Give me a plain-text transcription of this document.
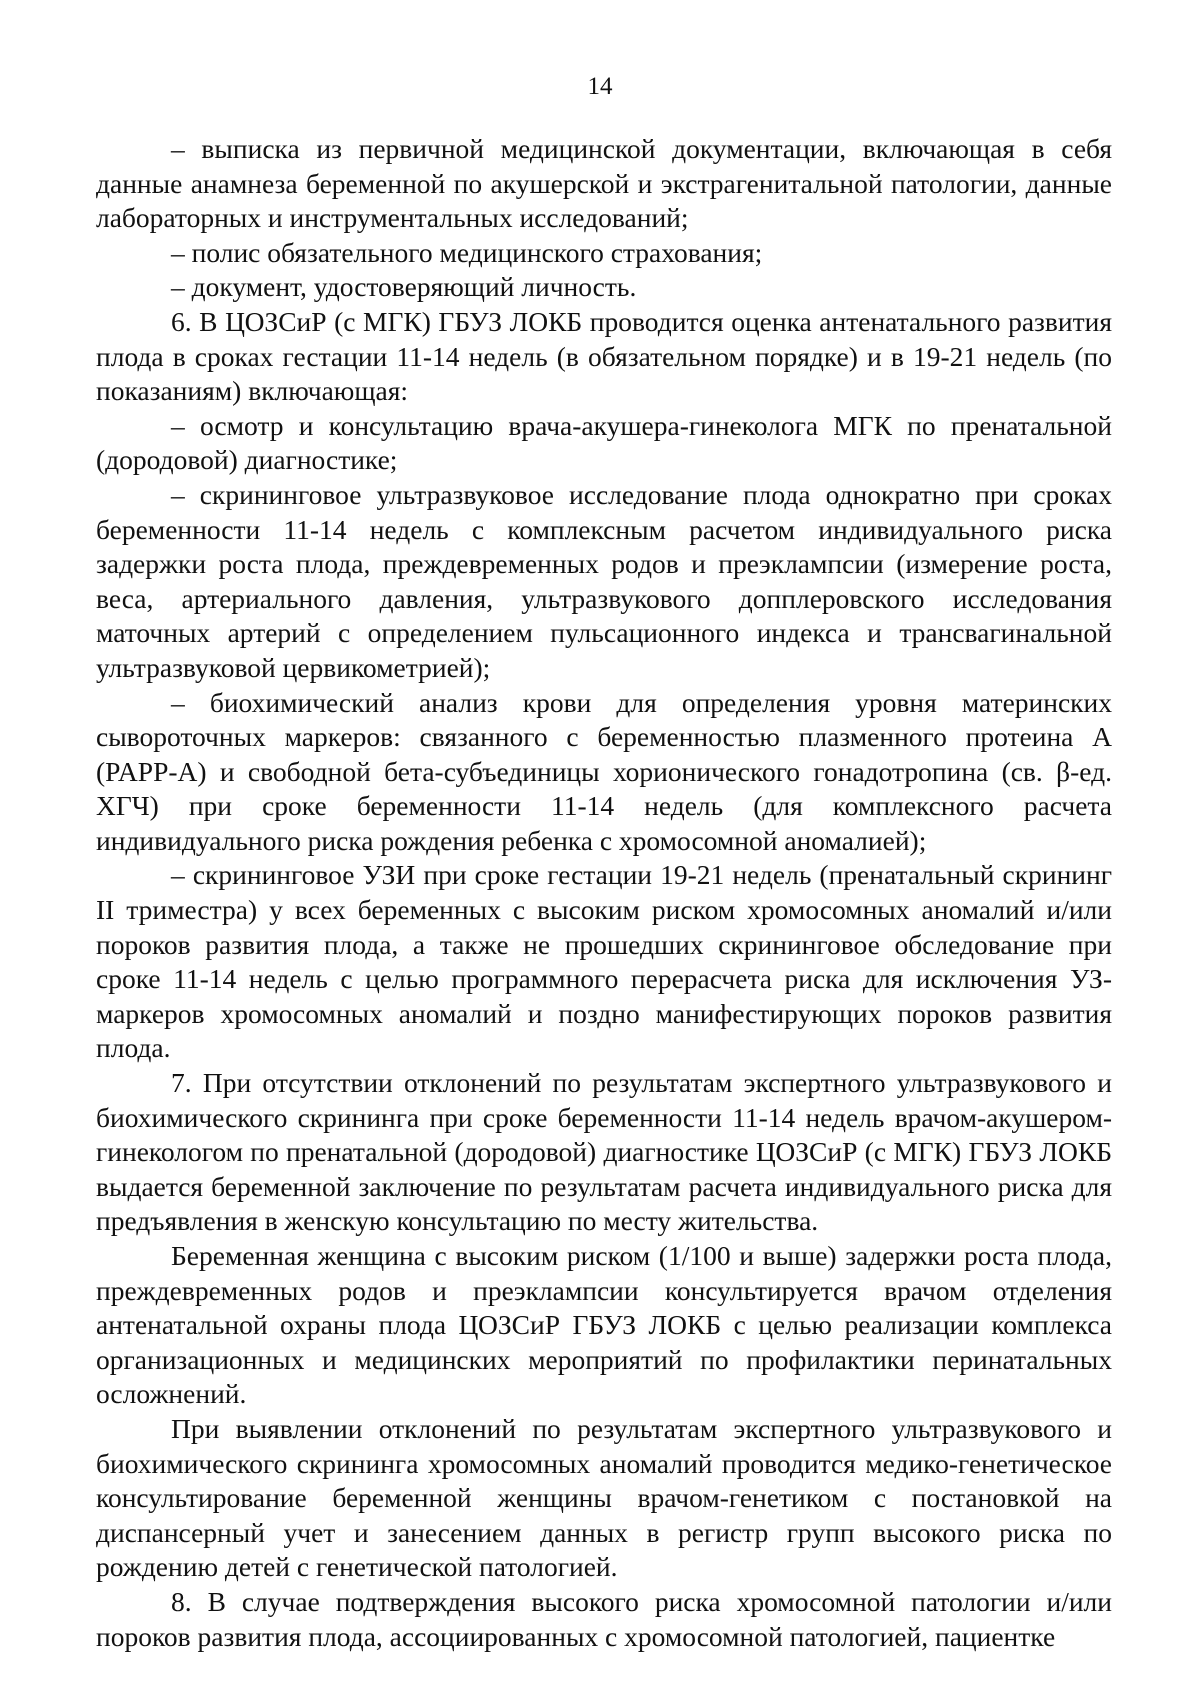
14

– выписка из первичной медицинской документации, включающая в себя данные анамнеза беременной по акушерской и экстрагенитальной патологии, данные лабораторных и инструментальных исследований;

– полис обязательного медицинского страхования;

– документ, удостоверяющий личность.

6. В ЦОЗСиР (с МГК) ГБУЗ ЛОКБ проводится оценка антенатального развития плода в сроках гестации 11-14 недель (в обязательном порядке) и в 19-21 недель (по показаниям) включающая:

– осмотр и консультацию врача-акушера-гинеколога МГК по пренатальной (дородовой) диагностике;

– скрининговое ультразвуковое исследование плода однократно при сроках беременности 11-14 недель с комплексным расчетом индивидуального риска задержки роста плода, преждевременных родов и преэклампсии (измерение роста, веса, артериального давления, ультразвукового допплеровского исследования маточных артерий с определением пульсационного индекса и трансвагинальной ультразвуковой цервикометрией);

– биохимический анализ крови для определения уровня материнских сывороточных маркеров: связанного с беременностью плазменного протеина А (PAPP-A) и свободной бета-субъединицы хорионического гонадотропина (св. β-ед. ХГЧ) при сроке беременности 11-14 недель (для комплексного расчета индивидуального риска рождения ребенка с хромосомной аномалией);

– скрининговое УЗИ при сроке гестации 19-21 недель (пренатальный скрининг II триместра) у всех беременных с высоким риском хромосомных аномалий и/или пороков развития плода, а также не прошедших скрининговое обследование при сроке 11-14 недель с целью программного перерасчета риска для исключения УЗ-маркеров хромосомных аномалий и поздно манифестирующих пороков развития плода.

7. При отсутствии отклонений по результатам экспертного ультразвукового и биохимического скрининга при сроке беременности 11-14 недель врачом-акушером-гинекологом по пренатальной (дородовой) диагностике ЦОЗСиР (с МГК) ГБУЗ ЛОКБ выдается беременной заключение по результатам расчета индивидуального риска для предъявления в женскую консультацию по месту жительства.

Беременная женщина с высоким риском (1/100 и выше) задержки роста плода, преждевременных родов и преэклампсии консультируется врачом отделения антенатальной охраны плода ЦОЗСиР ГБУЗ ЛОКБ с целью реализации комплекса организационных и медицинских мероприятий по профилактики перинатальных осложнений.

При выявлении отклонений по результатам экспертного ультразвукового и биохимического скрининга хромосомных аномалий проводится медико-генетическое консультирование беременной женщины врачом-генетиком с постановкой на диспансерный учет и занесением данных в регистр групп высокого риска по рождению детей с генетической патологией.

8. В случае подтверждения высокого риска хромосомной патологии и/или пороков развития плода, ассоциированных с хромосомной патологией, пациентке
